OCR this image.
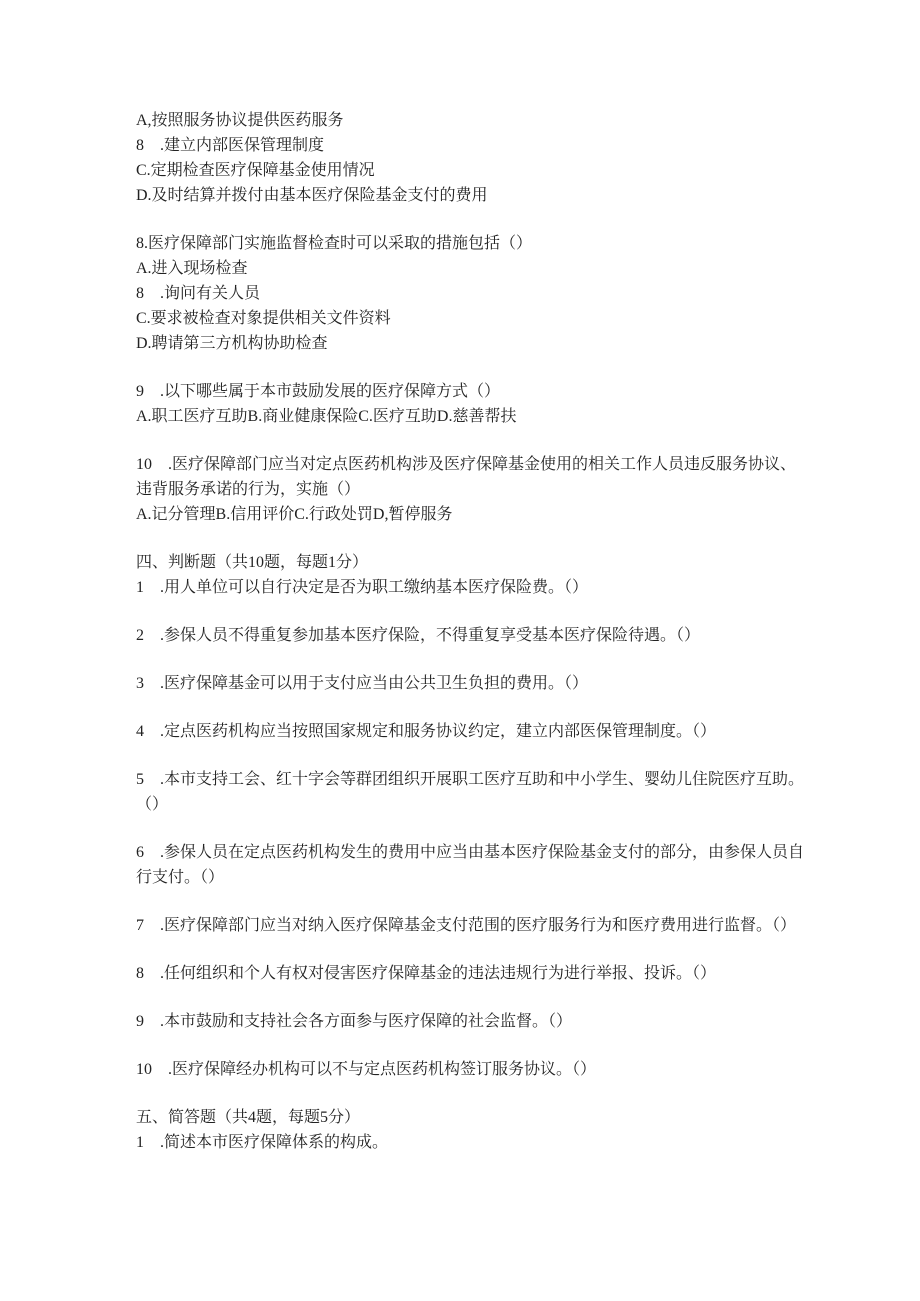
A,按照服务协议提供医药服务

8 .建立内部医保管理制度

C.定期检查医疗保障基金使用情况

D.及时结算并拨付由基本医疗保险基金支付的费用

8.医疗保障部门实施监督检查时可以采取的措施包括（）

A.进入现场检查

8 .询问有关人员

C.要求被检查对象提供相关文件资料

D.聘请第三方机构协助检查

9 .以下哪些属于本市鼓励发展的医疗保障方式（）

A.职工医疗互助B.商业健康保险C.医疗互助D.慈善帮扶

10 .医疗保障部门应当对定点医药机构涉及医疗保障基金使用的相关工作人员违反服务协议、

违背服务承诺的行为，实施（）

A.记分管理B.信用评价C.行政处罚D,暂停服务

四、判断题（共10题，每题1分）

1 .用人单位可以自行决定是否为职工缴纳基本医疗保险费。（）

2 .参保人员不得重复参加基本医疗保险，不得重复享受基本医疗保险待遇。（）

3 .医疗保障基金可以用于支付应当由公共卫生负担的费用。（）

4 .定点医药机构应当按照国家规定和服务协议约定，建立内部医保管理制度。（）

5 .本市支持工会、红十字会等群团组织开展职工医疗互助和中小学生、婴幼儿住院医疗互助。

（）

6 .参保人员在定点医药机构发生的费用中应当由基本医疗保险基金支付的部分，由参保人员自

行支付。（）

7 .医疗保障部门应当对纳入医疗保障基金支付范围的医疗服务行为和医疗费用进行监督。（）

8 .任何组织和个人有权对侵害医疗保障基金的违法违规行为进行举报、投诉。（）

9 .本市鼓励和支持社会各方面参与医疗保障的社会监督。（）

10 .医疗保障经办机构可以不与定点医药机构签订服务协议。（）

五、简答题（共4题，每题5分）

1 .简述本市医疗保障体系的构成。
